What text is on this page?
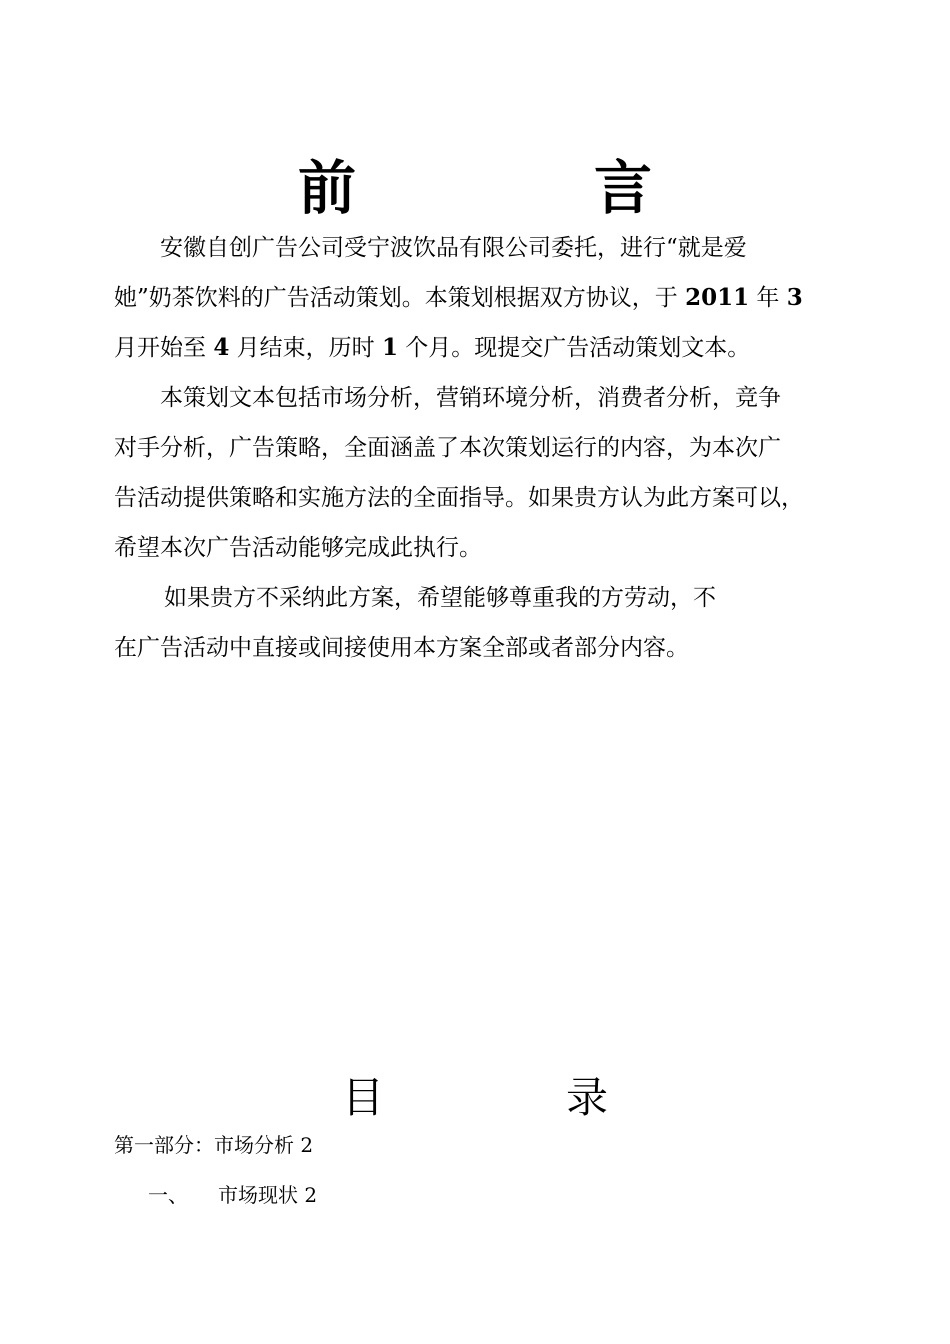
前　言

安徽自创广告公司受宁波饮品有限公司委托，进行“就是爱
她”奶茶饮料的广告活动策划。本策划根据双方协议，于 2011 年 3
月开始至 4 月结束，历时 1 个月。现提交广告活动策划文本。

本策划文本包括市场分析，营销环境分析，消费者分析，竞争
对手分析，广告策略，全面涵盖了本次策划运行的内容，为本次广
告活动提供策略和实施方法的全面指导。如果贵方认为此方案可以，
希望本次广告活动能够完成此执行。

如果贵方不采纳此方案，希望能够尊重我的方劳动，不
在广告活动中直接或间接使用本方案全部或者部分内容。

目　录
第一部分：市场分析 2
一、 市场现状 2
